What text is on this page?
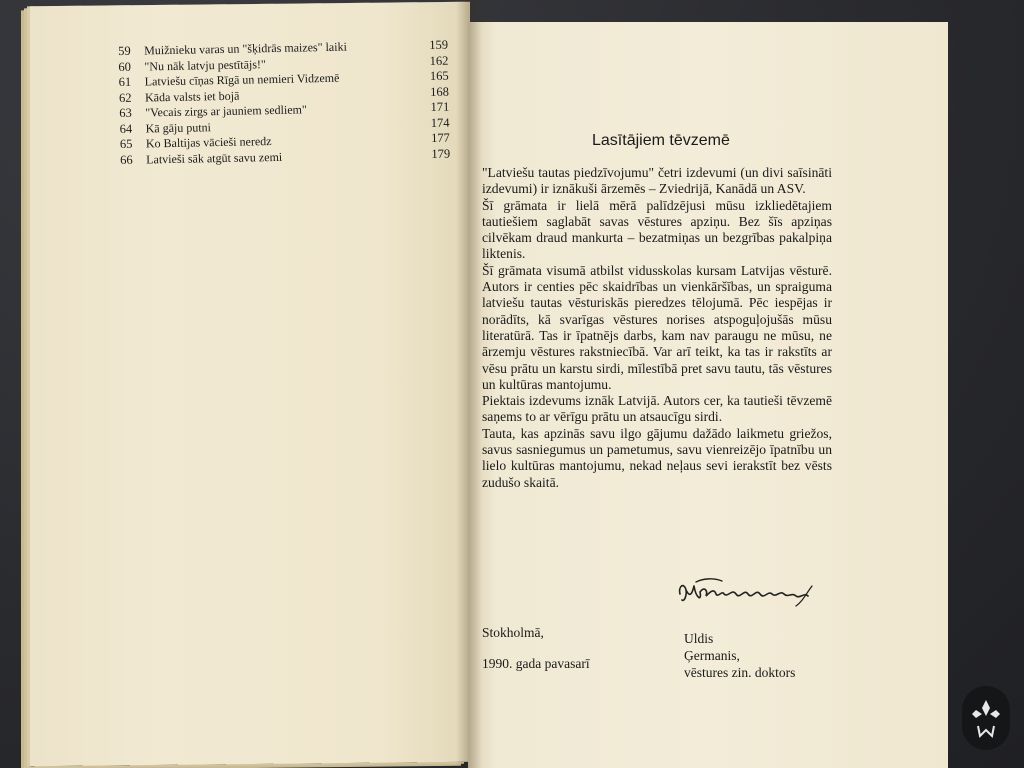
59	Muižnieku varas un "šķidrās maizes" laiki	159
60	"Nu nāk latvju pestītājs!"	162
61	Latviešu cīņas Rīgā un nemieri Vidzemē	165
62	Kāda valsts iet bojā	168
63	"Vecais zirgs ar jauniem sedliem"	171
64	Kā gāju putni	174
65	Ko Baltijas vācieši neredz	177
66	Latvieši sāk atgūt savu zemi	179
Lasītājiem tēvzemē

"Latviešu tautas piedzīvojumu" četri izdevumi (un divi saīsināti izdevumi) ir iznākuši ārzemēs – Zviedrijā, Kanādā un ASV.

Šī grāmata ir lielā mērā palīdzējusi mūsu izkliedētajiem tautiešiem saglabāt savas vēstures apziņu. Bez šīs apziņas cilvēkam draud mankurta – bezatmiņas un bezgrības pakalpiņa liktenis.

Šī grāmata visumā atbilst vidusskolas kursam Latvijas vēsturē. Autors ir centies pēc skaidrības un vienkāršības, un spraiguma latviešu tautas vēsturiskās pieredzes tēlojumā. Pēc iespējas ir norādīts, kā svarīgas vēstures norises atspoguļojušās mūsu literatūrā. Tas ir īpatnējs darbs, kam nav paraugu ne mūsu, ne ārzemju vēstures rakstniecībā. Var arī teikt, ka tas ir rakstīts ar vēsu prātu un karstu sirdi, mīlestībā pret savu tautu, tās vēstures un kultūras mantojumu.

Piektais izdevums iznāk Latvijā. Autors cer, ka tautieši tēvzemē saņems to ar vērīgu prātu un atsaucīgu sirdi.

Tauta, kas apzinās savu ilgo gājumu dažādo laikmetu griežos, savus sasniegumus un pametumus, savu vienreizējo īpatnību un lielo kultūras mantojumu, nekad neļaus sevi ierakstīt bez vēsts zudušo skaitā.

Stokholmā,
1990. gada pavasarī
Uldis
Ģermanis,
vēstures zin. doktors
